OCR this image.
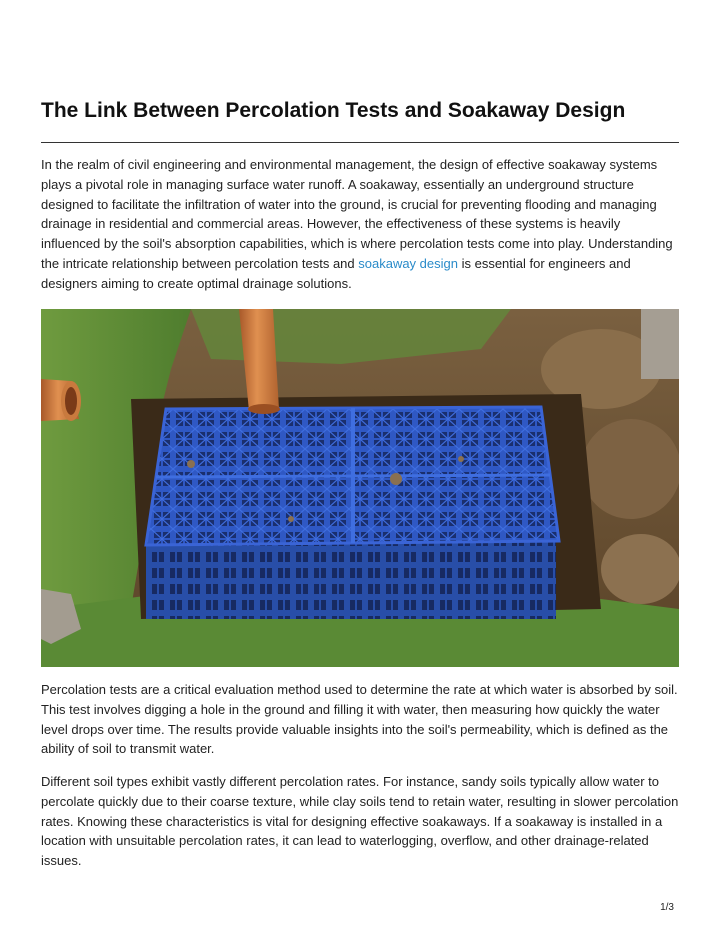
The Link Between Percolation Tests and Soakaway Design

In the realm of civil engineering and environmental management, the design of effective soakaway systems plays a pivotal role in managing surface water runoff. A soakaway, essentially an underground structure designed to facilitate the infiltration of water into the ground, is crucial for preventing flooding and managing drainage in residential and commercial areas. However, the effectiveness of these systems is heavily influenced by the soil's absorption capabilities, which is where percolation tests come into play. Understanding the intricate relationship between percolation tests and soakaway design is essential for engineers and designers aiming to create optimal drainage solutions.

Percolation tests are a critical evaluation method used to determine the rate at which water is absorbed by soil. This test involves digging a hole in the ground and filling it with water, then measuring how quickly the water level drops over time. The results provide valuable insights into the soil's permeability, which is defined as the ability of soil to transmit water.

Different soil types exhibit vastly different percolation rates. For instance, sandy soils typically allow water to percolate quickly due to their coarse texture, while clay soils tend to retain water, resulting in slower percolation rates. Knowing these characteristics is vital for designing effective soakaways. If a soakaway is installed in a location with unsuitable percolation rates, it can lead to waterlogging, overflow, and other drainage-related issues.

1/3
